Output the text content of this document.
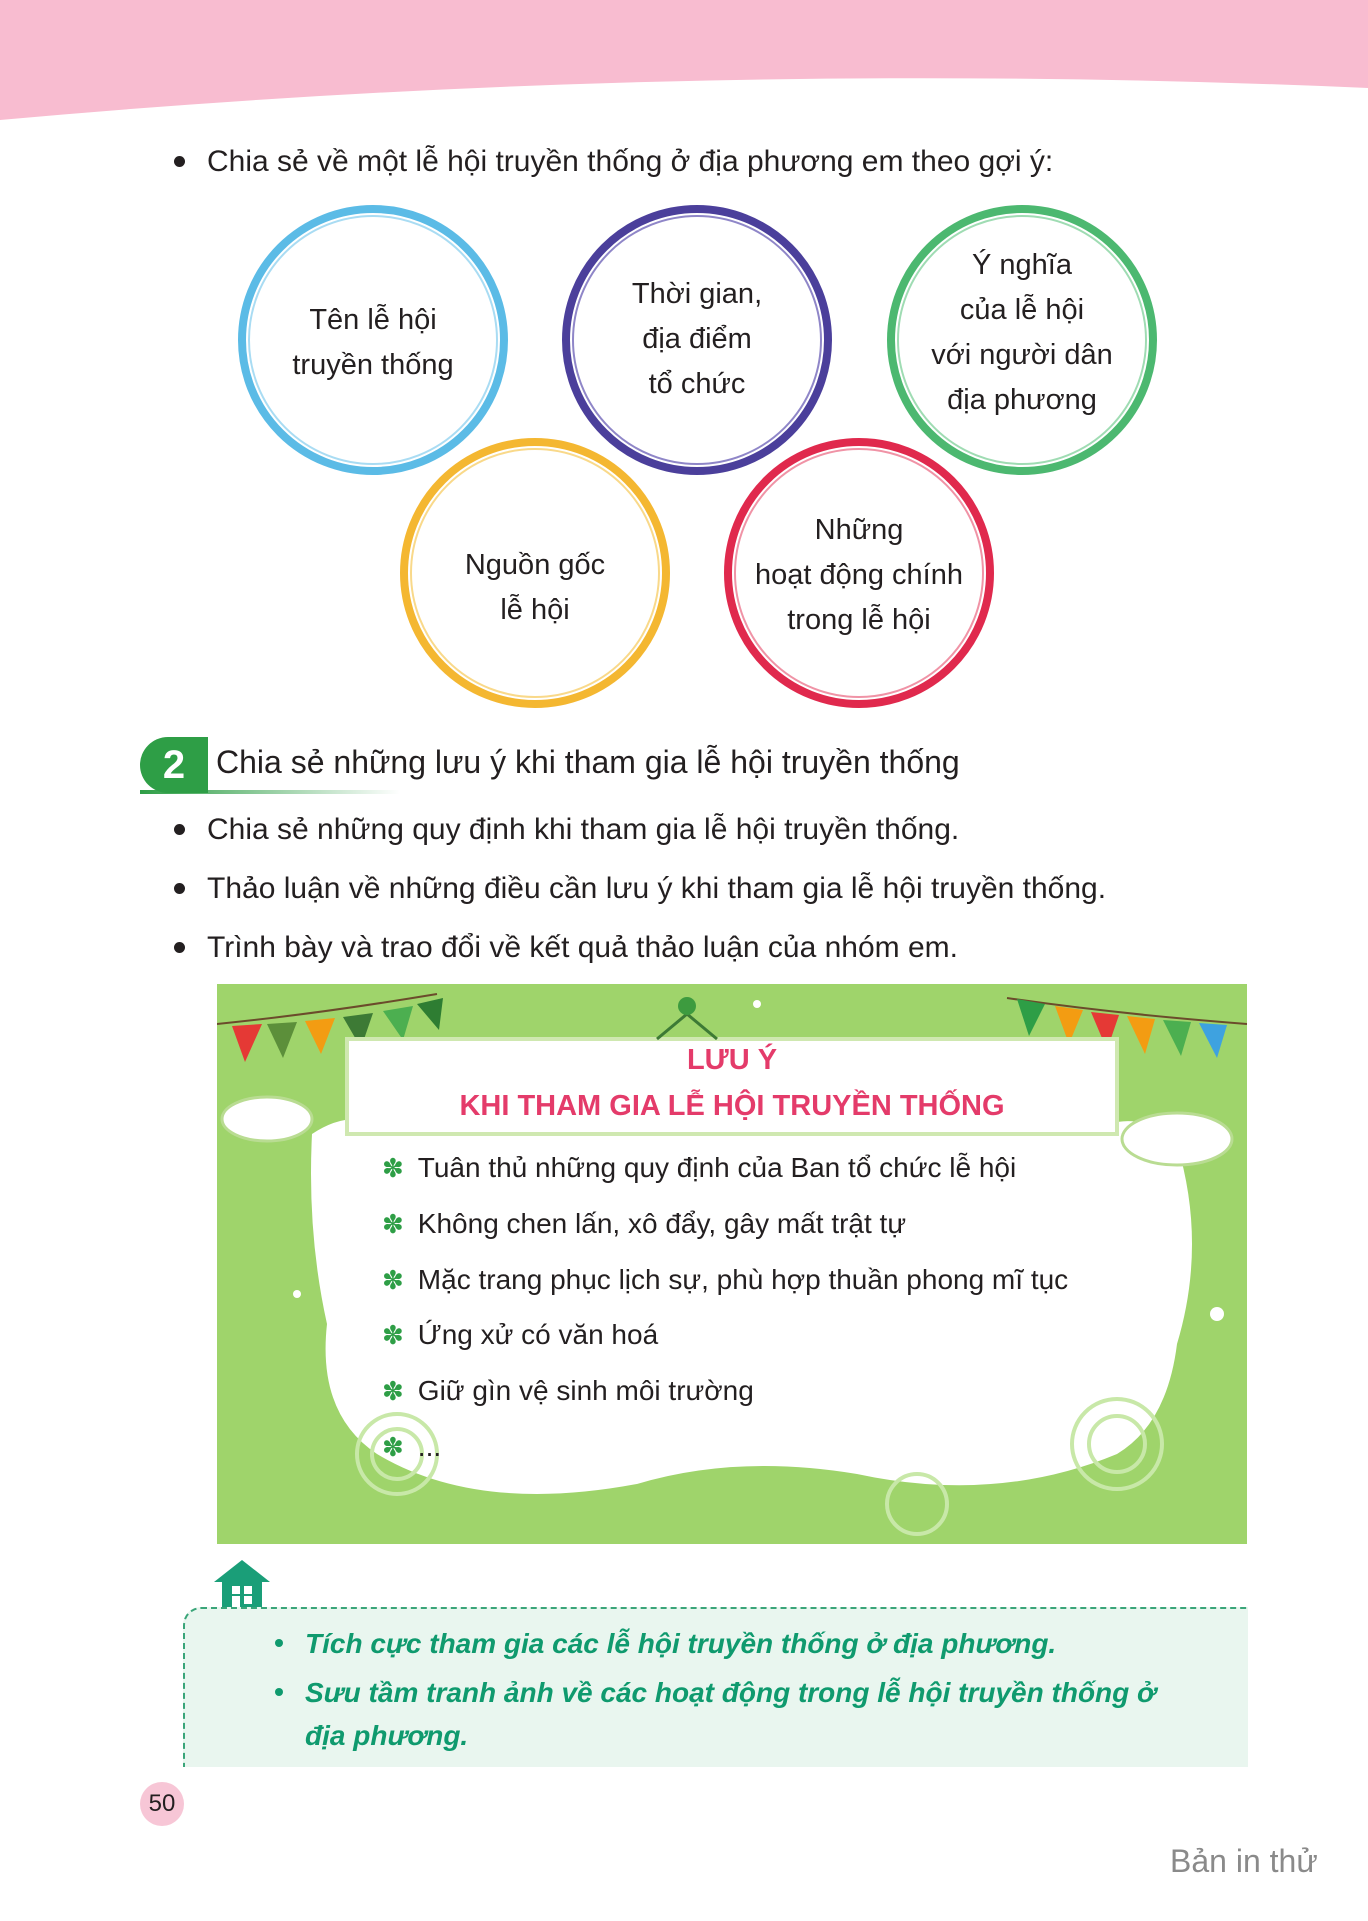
Chia sẻ về một lễ hội truyền thống ở địa phương em theo gợi ý:
Tên lễ hội
truyền thống
Thời gian,
địa điểm
tổ chức
Ý nghĩa
của lễ hội
với người dân
địa phương
Nguồn gốc
lễ hội
Những
hoạt động chính
trong lễ hội
2 Chia sẻ những lưu ý khi tham gia lễ hội truyền thống
Chia sẻ những quy định khi tham gia lễ hội truyền thống.
Thảo luận về những điều cần lưu ý khi tham gia lễ hội truyền thống.
Trình bày và trao đổi về kết quả thảo luận của nhóm em.
LƯU Ý
KHI THAM GIA LỄ HỘI TRUYỀN THỐNG
✽ Tuân thủ những quy định của Ban tổ chức lễ hội
✽ Không chen lấn, xô đẩy, gây mất trật tự
✽ Mặc trang phục lịch sự, phù hợp thuần phong mĩ tục
✽ Ứng xử có văn hoá
✽ Giữ gìn vệ sinh môi trường
✽ ...
Tích cực tham gia các lễ hội truyền thống ở địa phương.
Sưu tầm tranh ảnh về các hoạt động trong lễ hội truyền thống ở
địa phương.
50
Bản in thử
